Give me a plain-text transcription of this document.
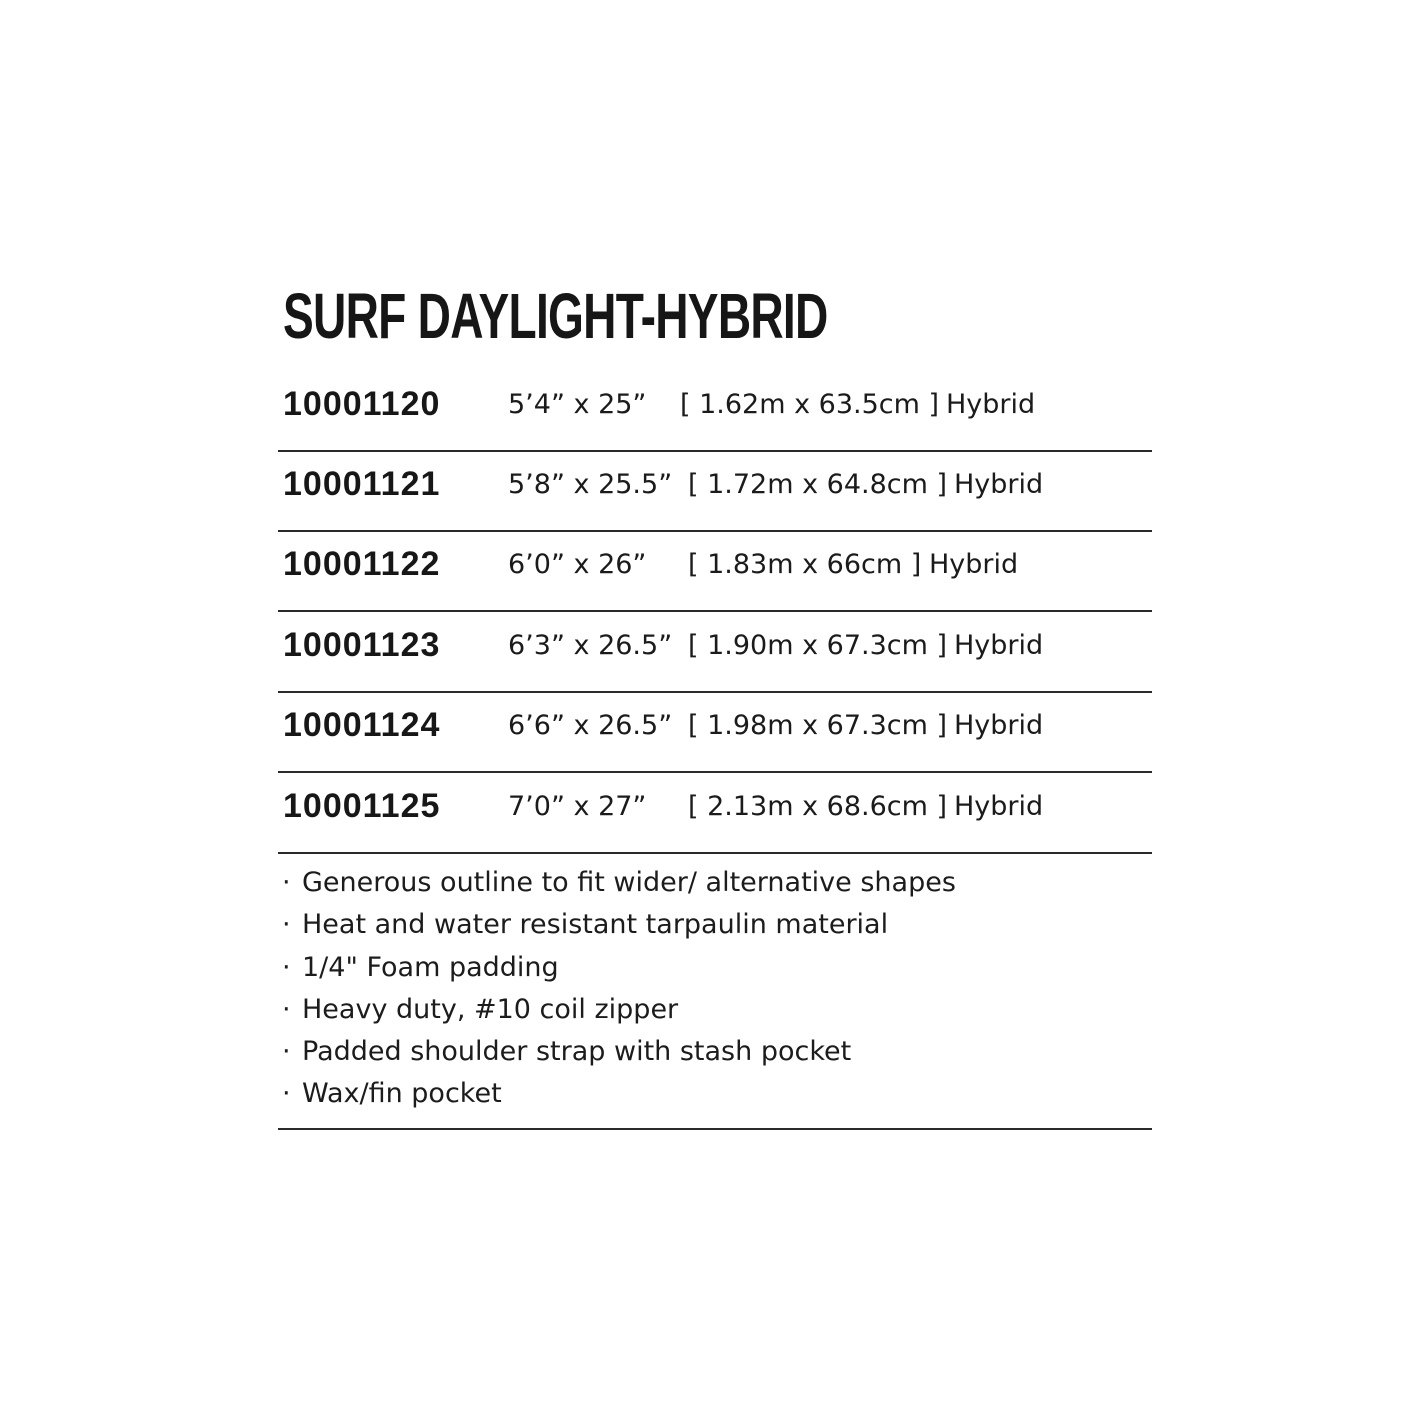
SURF DAYLIGHT-HYBRID
10001120	5’4” x 25” [ 1.62m x 63.5cm ] Hybrid
10001121	5’8” x 25.5” [ 1.72m x 64.8cm ] Hybrid
10001122	6’0” x 26” [ 1.83m x 66cm ] Hybrid
10001123	6’3” x 26.5” [ 1.90m x 67.3cm ] Hybrid
10001124	6’6” x 26.5” [ 1.98m x 67.3cm ] Hybrid
10001125	7’0” x 27” [ 2.13m x 68.6cm ] Hybrid
· Generous outline to fit wider/ alternative shapes
· Heat and water resistant tarpaulin material
· 1/4" Foam padding
· Heavy duty, #10 coil zipper
· Padded shoulder strap with stash pocket
· Wax/fin pocket
